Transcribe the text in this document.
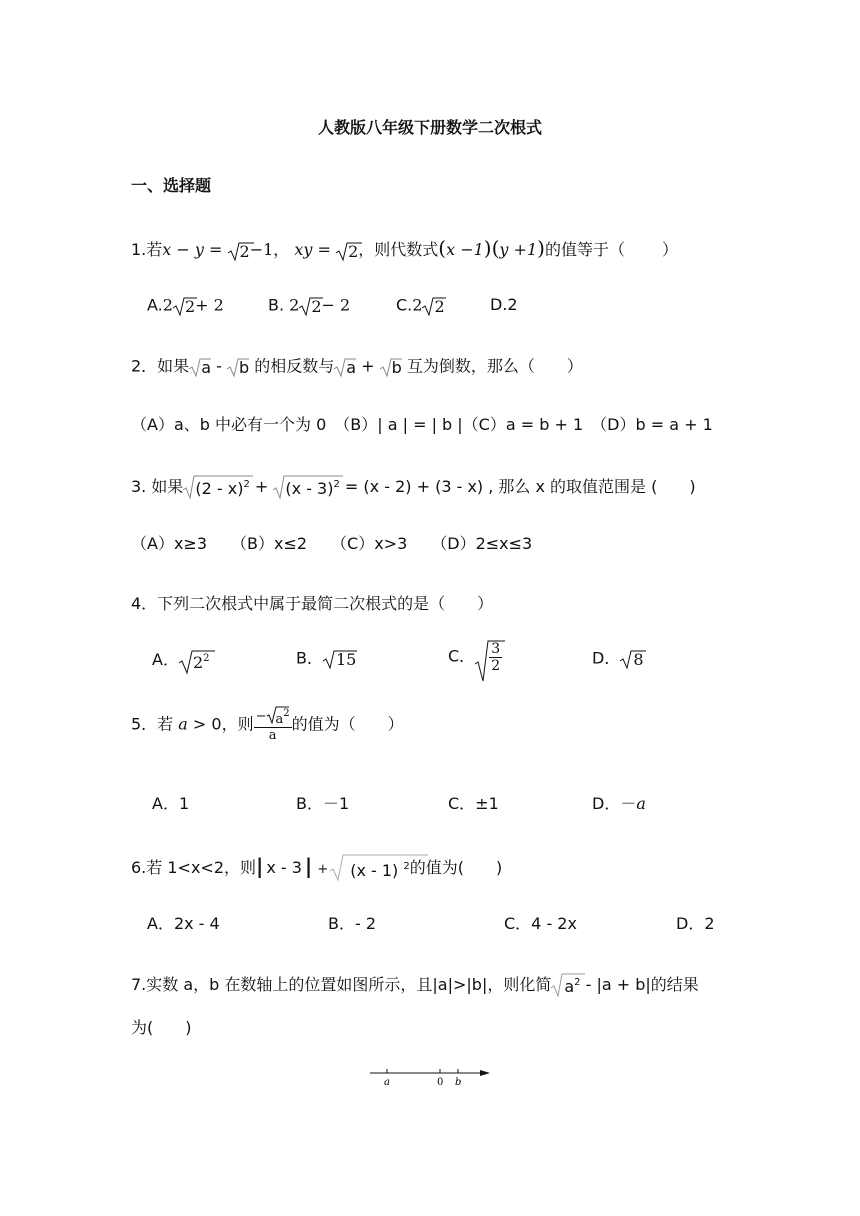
人教版八年级下册数学二次根式
一、选择题
1.若x − y = 2−1， xy = 2，则代数式(x −1)(y +1)的值等于（　　 ）
A.2 2+ 2	B. 2 2− 2	C.2 2	D.2
2．如果 a -
b 的相反数与 a +
b 互为倒数，那么（　　）
（A）a、b 中必有一个为 0　（B）| a | = | b |（C）a = b + 1　（D）b = a + 1
3. 如果 (2 - x)$^2$ +
(x - 3)$^2$ = (x - 2) + (3 - x) , 那么 x 的取值范围是 (　　)
（A）x≥3　　（B）x≤2　　（C）x>3　　（D）2≤x≤3
4．下列二次根式中属于最简二次根式的是（　　）
A． $2^2$	B． 15	C． $\frac{3}{2}$	D． 8
5．若 a > 0，则 $\frac{- a^2}{a}$ 的值为（　　）
A．1	B．－1	C．±1	D．－a
6.若 1<x<2，则| x - 3 | + (x - 1) $^2$的值为(　　)
A．2x - 4	B．- 2	C．4 - 2x	D．2
7.实数 a，b 在数轴上的位置如图所示，且|a|>|b|，则化简 $a^2 - |a + b|$的结果
为(　　)
a	0 b
